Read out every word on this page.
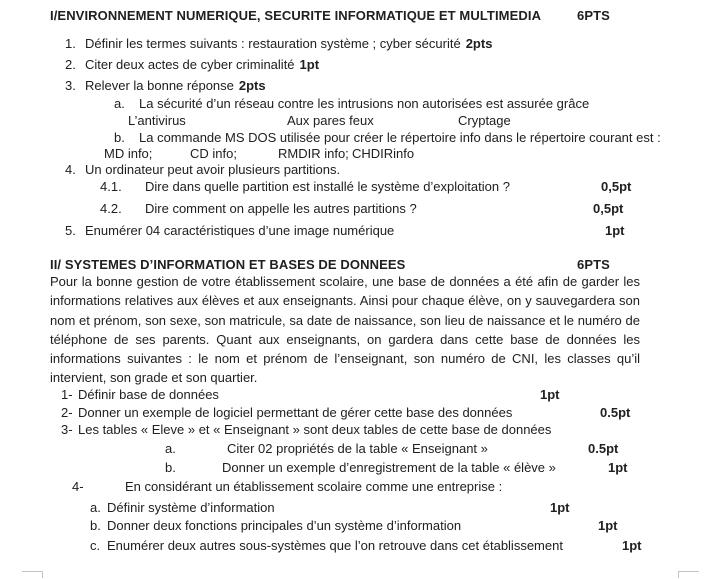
I/ENVIRONNEMENT NUMERIQUE, SECURITE INFORMATIQUE ET MULTIMEDIA	6PTS
1. Définir les termes suivants : restauration système ; cyber sécurité 2pts
2. Citer deux actes de cyber criminalité 1pt
3. Relever la bonne réponse 2pts
a. La sécurité d’un réseau contre les intrusions non autorisées est assurée grâce
L’antivirus	Aux pares feux	Cryptage
b. La commande MS DOS utilisée pour créer le répertoire info dans le répertoire courant est :
MD info;	CD info;	RMDIR info; CHDIRinfo
4. Un ordinateur peut avoir plusieurs partitions.
4.1. Dire dans quelle partition est installé le système d’exploitation ?	0,5pt
4.2. Dire comment on appelle les autres partitions ?	0,5pt
5. Enumérer 04 caractéristiques d’une image numérique	1pt
II/ SYSTEMES D’INFORMATION ET BASES DE DONNEES	6PTS
Pour la bonne gestion de votre établissement scolaire, une base de données a été afin de garder les informations relatives aux élèves et aux enseignants. Ainsi pour chaque élève, on y sauvegardera son nom et prénom, son sexe, son matricule, sa date de naissance, son lieu de naissance et le numéro de téléphone de ses parents. Quant aux enseignants, on gardera dans cette base de données les informations suivantes : le nom et prénom de l’enseignant, son numéro de CNI, les classes qu’il intervient, son grade et son quartier.
1- Définir base de données	1pt
2- Donner un exemple de logiciel permettant de gérer cette base des données	0.5pt
3- Les tables « Eleve » et « Enseignant » sont deux tables de cette base de données
a.	Citer 02 propriétés de la table « Enseignant »	0.5pt
b.	Donner un exemple d’enregistrement de la table « élève »	1pt
4-	En considérant un établissement scolaire comme une entreprise :
a. Définir système d’information	1pt
b. Donner deux fonctions principales d’un système d’information	1pt
c. Enumérer deux autres sous-systèmes que l’on retrouve dans cet établissement	1pt
